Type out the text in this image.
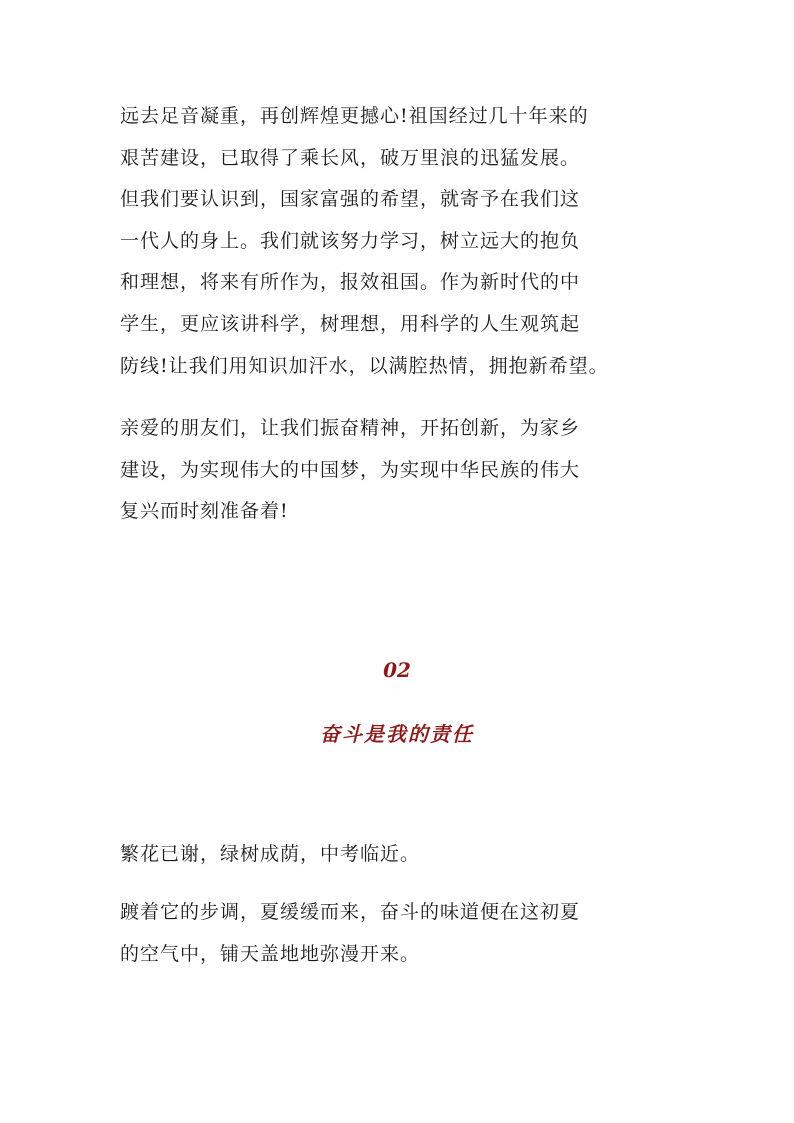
远去足音凝重，再创辉煌更撼心!祖国经过几十年来的
艰苦建设，已取得了乘长风，破万里浪的迅猛发展。
但我们要认识到，国家富强的希望，就寄予在我们这
一代人的身上。我们就该努力学习，树立远大的抱负
和理想，将来有所作为，报效祖国。作为新时代的中
学生，更应该讲科学，树理想，用科学的人生观筑起
防线!让我们用知识加汗水，以满腔热情，拥抱新希望。
亲爱的朋友们，让我们振奋精神，开拓创新，为家乡
建设，为实现伟大的中国梦，为实现中华民族的伟大
复兴而时刻准备着!
02
奋斗是我的责任
繁花已谢，绿树成荫，中考临近。
踱着它的步调，夏缓缓而来，奋斗的味道便在这初夏
的空气中，铺天盖地地弥漫开来。
